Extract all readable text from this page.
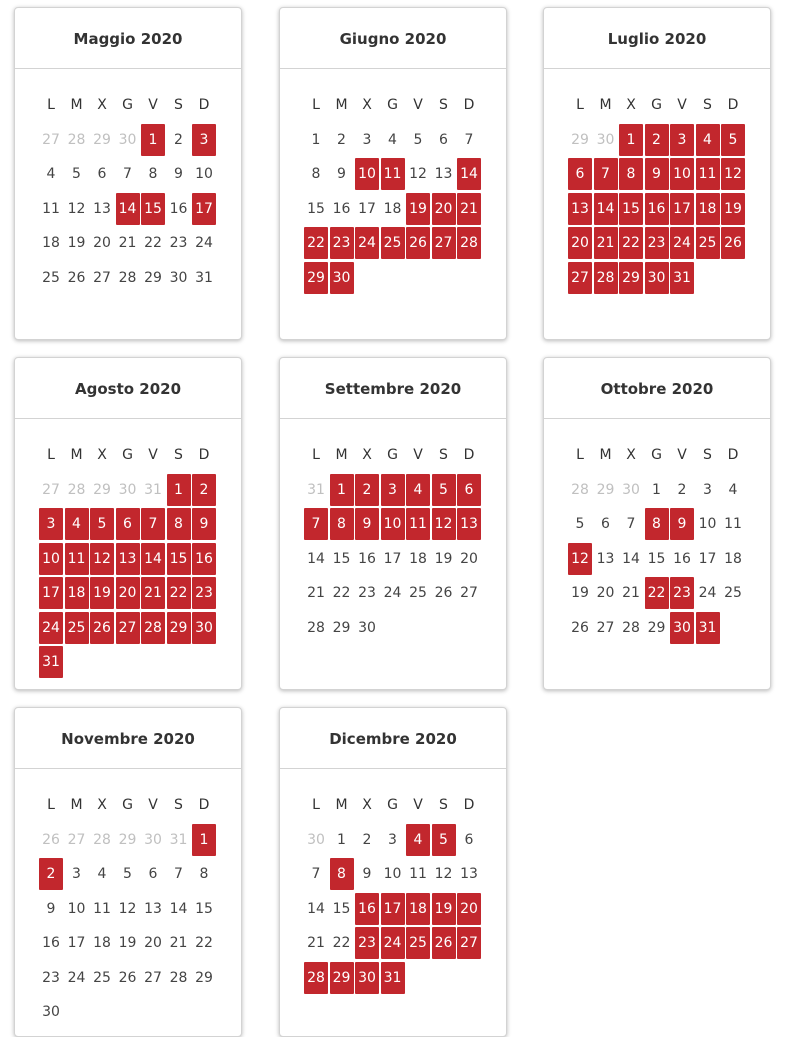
Maggio 2020
L	M	X	G	V	S	D
27 28 29 30 1	2	3
4	5	6	7	8	9 10
11 12 13 14 15 16 17
18 19 20 21 22 23 24
25 26 27 28 29 30 31
Giugno 2020
L	M	X	G	V	S	D
1	2	3	4	5	6	7
8	9 10 11 12 13 14
15 16 17 18 19 20 21
22 23 24 25 26 27 28
29 30
Luglio 2020
L	M	X	G	V	S	D
29 30 1	2	3	4	5
6	7	8	9 10 11 12
13 14 15 16 17 18 19
20 21 22 23 24 25 26
27 28 29 30 31
Agosto 2020
L	M	X	G	V	S	D
27 28 29 30 31 1	2
3	4	5	6	7	8	9
10 11 12 13 14 15 16
17 18 19 20 21 22 23
24 25 26 27 28 29 30
31
Settembre 2020
L	M	X	G	V	S	D
31 1	2	3	4	5	6
7	8	9 10 11 12 13
14 15 16 17 18 19 20
21 22 23 24 25 26 27
28 29 30
Ottobre 2020
L	M	X	G	V	S	D
28 29 30 1	2	3	4
5	6	7	8	9 10 11
12 13 14 15 16 17 18
19 20 21 22 23 24 25
26 27 28 29 30 31
Novembre 2020
L	M	X	G	V	S	D
26 27 28 29 30 31 1
2	3	4	5	6	7	8
9 10 11 12 13 14 15
16 17 18 19 20 21 22
23 24 25 26 27 28 29
30
Dicembre 2020
L	M	X	G	V	S	D
30 1	2	3	4	5	6
7	8	9 10 11 12 13
14 15 16 17 18 19 20
21 22 23 24 25 26 27
28 29 30 31
